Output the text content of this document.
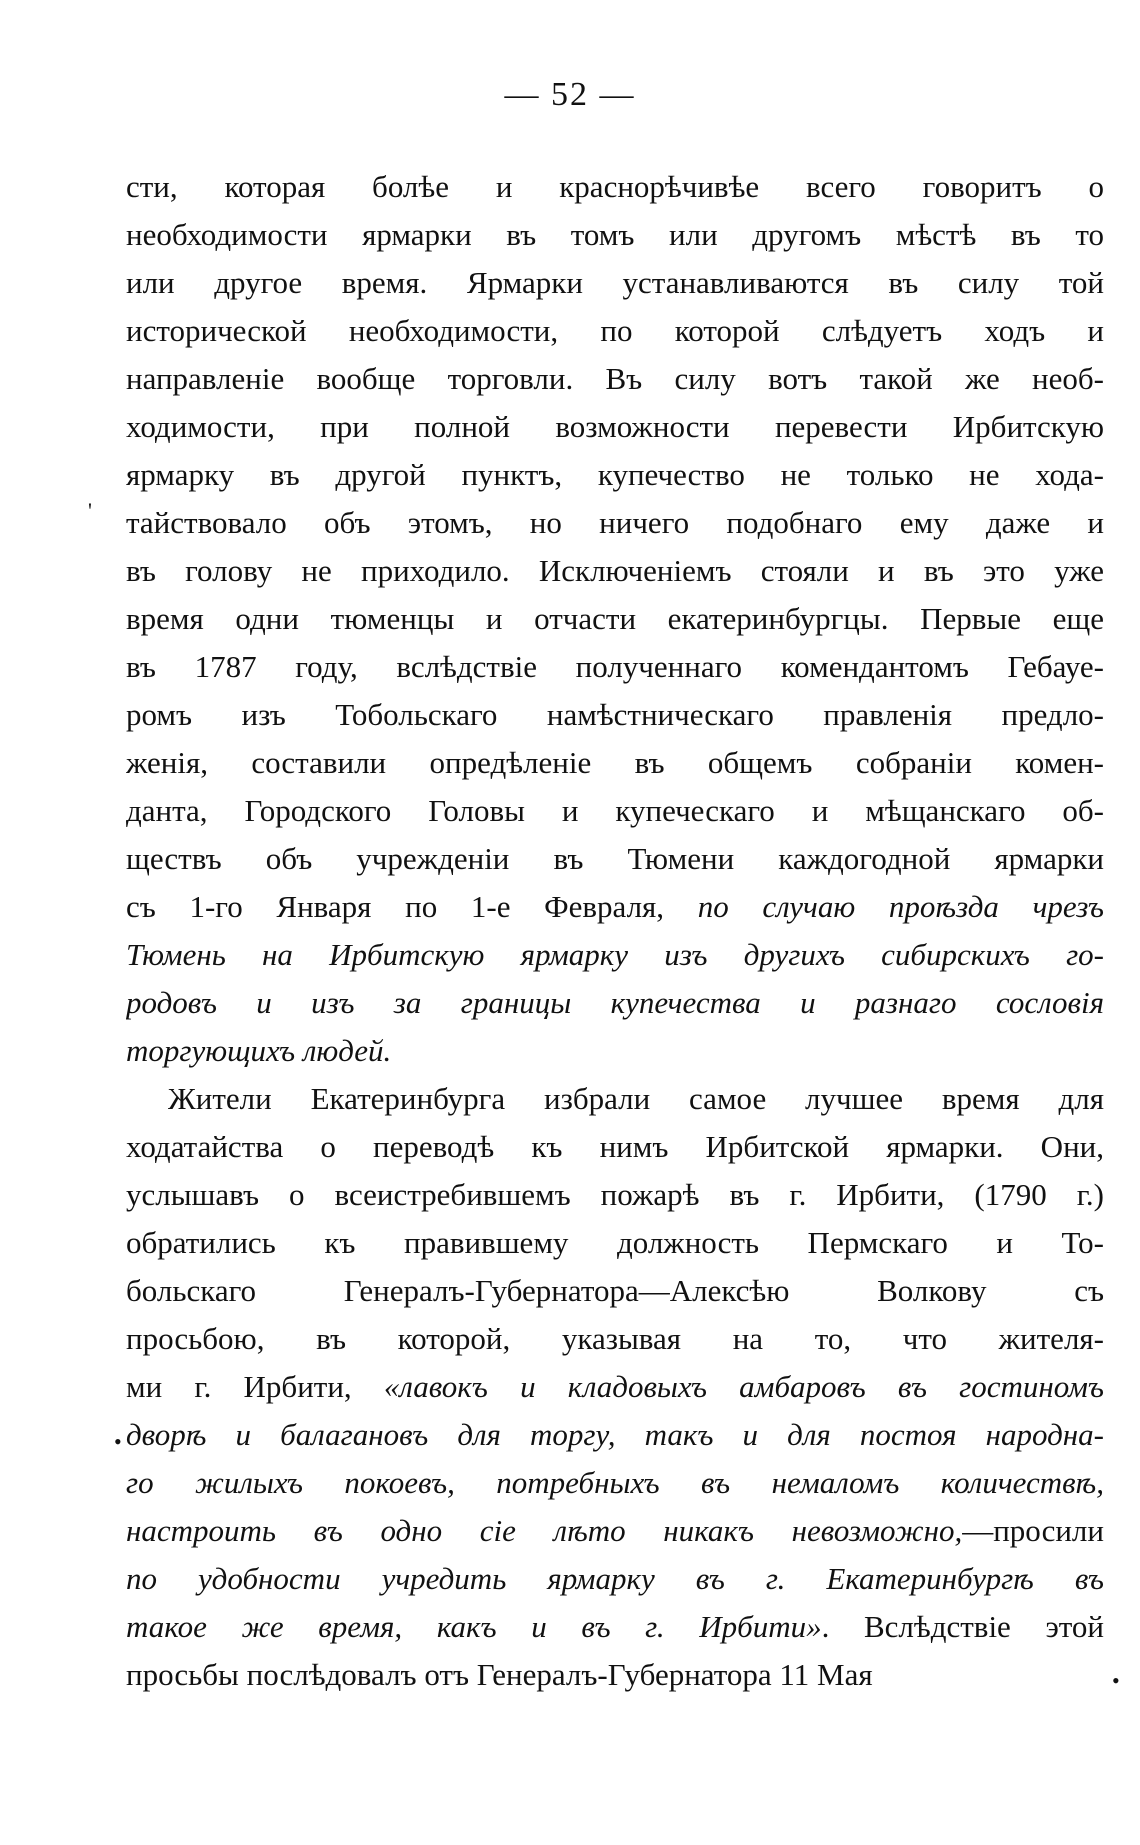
— 52 —
сти, которая болѣе и краснорѣчивѣе всего говоритъ о
необходимости ярмарки въ томъ или другомъ мѣстѣ въ то
или другое время. Ярмарки устанавливаются въ силу той
исторической необходимости, по которой слѣдуетъ ходъ и
направленіе вообще торговли. Въ силу вотъ такой же необ-
ходимости, при полной возможности перевести Ирбитскую
ярмарку въ другой пунктъ, купечество не только не хода-
тайствовало объ этомъ, но ничего подобнаго ему даже и
въ голову не приходило. Исключеніемъ стояли и въ это уже
время одни тюменцы и отчасти екатеринбургцы. Первые еще
въ 1787 году, вслѣдствіе полученнаго комендантомъ Гебауе-
ромъ изъ Тобольскаго намѣстническаго правленія предло-
женія, составили опредѣленіе въ общемъ собраніи комен-
данта, Городского Головы и купеческаго и мѣщанскаго об-
ществъ объ учрежденіи въ Тюмени каждогодной ярмарки
съ 1-го Января по 1-е Февраля, по случаю проѣзда чрезъ
Тюмень на Ирбитскую ярмарку изъ другихъ сибирскихъ го-
родовъ и изъ за границы купечества и разнаго сословія
торгующихъ людей.
Жители Екатеринбурга избрали самое лучшее время для
ходатайства о переводѣ къ нимъ Ирбитской ярмарки. Они,
услышавъ о всеистребившемъ пожарѣ въ г. Ирбити, (1790 г.)
обратились къ правившему должность Пермскаго и То-
больскаго Генералъ-Губернатора—Алексѣю Волкову съ
просьбою, въ которой, указывая на то, что жителя-
ми г. Ирбити, «лавокъ и кладовыхъ амбаровъ въ гостиномъ
дворѣ и балагановъ для торгу, такъ и для постоя народна-
го жилыхъ покоевъ, потребныхъ въ немаломъ количествѣ,
настроить въ одно сіе лѣто никакъ невозможно,—просили
по удобности учредить ярмарку въ г. Екатеринбургѣ въ
такое же время, какъ и въ г. Ирбити». Вслѣдствіе этой
просьбы послѣдовалъ отъ Генералъ-Губернатора 11 Мая
'
•
•
